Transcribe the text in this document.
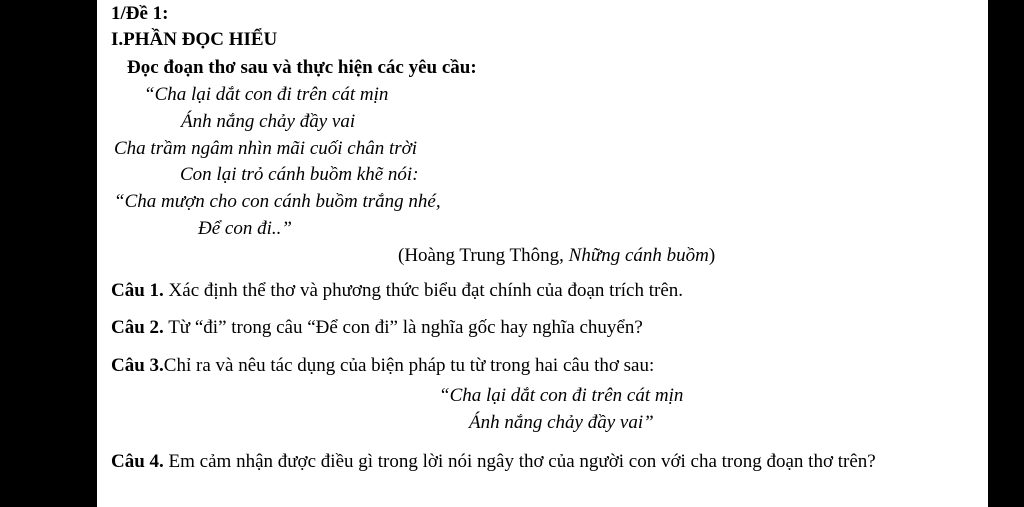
1/Đề 1:
I.PHẦN ĐỌC HIỂU
Đọc đoạn thơ sau và thực hiện các yêu cầu:
“Cha lại dắt con đi trên cát mịn
Ánh nắng chảy đầy vai
Cha trầm ngâm nhìn mãi cuối chân trời
Con lại trỏ cánh buồm khẽ nói:
“Cha mượn cho con cánh buồm trắng nhé,
Để con đi..”
(Hoàng Trung Thông, Những cánh buồm)
Câu 1. Xác định thể thơ và phương thức biểu đạt chính của đoạn trích trên.
Câu 2. Từ “đi” trong câu “Để con đi” là nghĩa gốc hay nghĩa chuyển?
Câu 3.Chỉ ra và nêu tác dụng của biện pháp tu từ trong hai câu thơ sau:
“Cha lại dắt con đi trên cát mịn
Ánh nắng chảy đầy vai”
Câu 4. Em cảm nhận được điều gì trong lời nói ngây thơ của người con với cha trong đoạn thơ trên?
